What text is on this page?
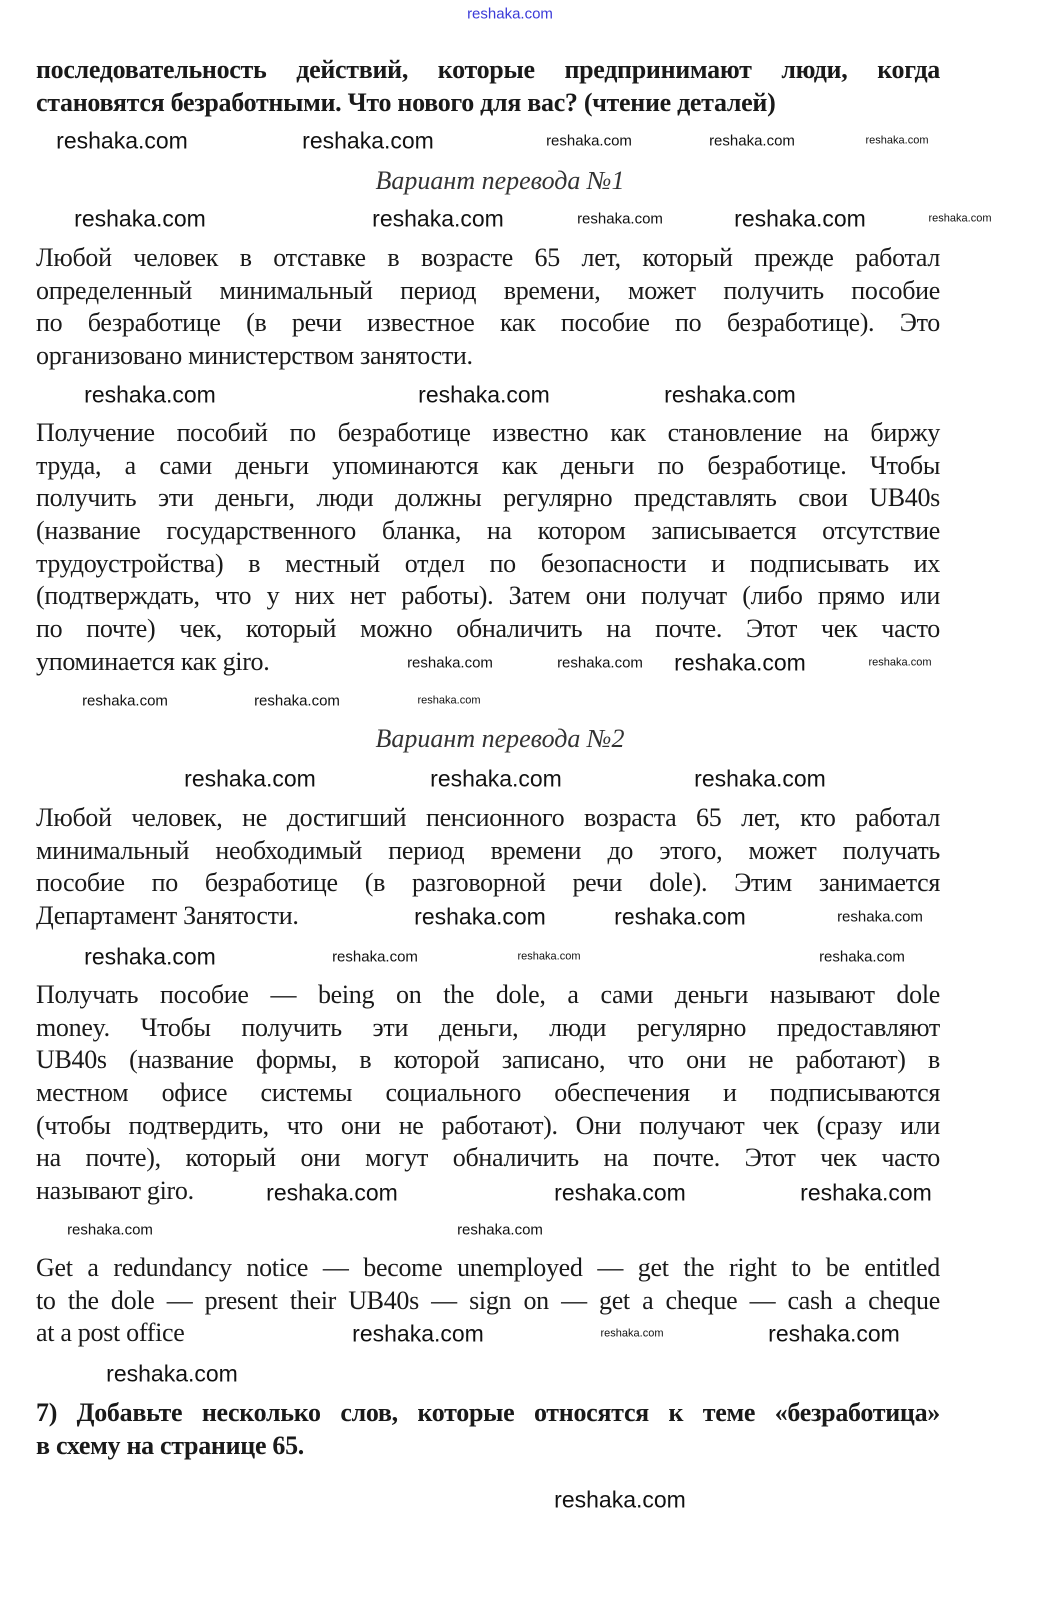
последовательность действий, которые предпринимают люди, когда
становятся безработными. Что нового для вас? (чтение деталей)
Вариант перевода №1
Любой человек в отставке в возрасте 65 лет, который прежде работал
определенный минимальный период времени, может получить пособие
по безработице (в речи известное как пособие по безработице). Это
организовано министерством занятости.
Получение пособий по безработице известно как становление на биржу
труда, а сами деньги упоминаются как деньги по безработице. Чтобы
получить эти деньги, люди должны регулярно представлять свои UB40s
(название государственного бланка, на котором записывается отсутствие
трудоустройства) в местный отдел по безопасности и подписывать их
(подтверждать, что у них нет работы). Затем они получат (либо прямо или
по почте) чек, который можно обналичить на почте. Этот чек часто
упоминается как giro.
Вариант перевода №2
Любой человек, не достигший пенсионного возраста 65 лет, кто работал
минимальный необходимый период времени до этого, может получать
пособие по безработице (в разговорной речи dole). Этим занимается
Департамент Занятости.
Получать пособие — being on the dole, а сами деньги называют dole
money. Чтобы получить эти деньги, люди регулярно предоставляют
UB40s (название формы, в которой записано, что они не работают) в
местном офисе системы социального обеспечения и подписываются
(чтобы подтвердить, что они не работают). Они получают чек (сразу или
на почте), который они могут обналичить на почте. Этот чек часто
называют giro.
Get a redundancy notice — become unemployed — get the right to be entitled
to the dole — present their UB40s — sign on — get a cheque — cash a cheque
at a post office
7) Добавьте несколько слов, которые относятся к теме «безработица»
в схему на странице 65.
reshaka.com
reshaka.com	reshaka.com	reshaka.com	reshaka.com	reshaka.com
reshaka.com	reshaka.com	reshaka.com
reshaka.com	reshaka.com
reshaka.com	reshaka.com	reshaka.com
reshaka.com	reshaka.com reshaka.com	reshaka.com
reshaka.com	reshaka.com	reshaka.com
reshaka.com	reshaka.com	reshaka.com
reshaka.com	reshaka.com	reshaka.com
reshaka.com	reshaka.com	reshaka.com	reshaka.com
reshaka.com	reshaka.com	reshaka.com
reshaka.com	reshaka.com
reshaka.com	reshaka.com	reshaka.com
reshaka.com
reshaka.com
